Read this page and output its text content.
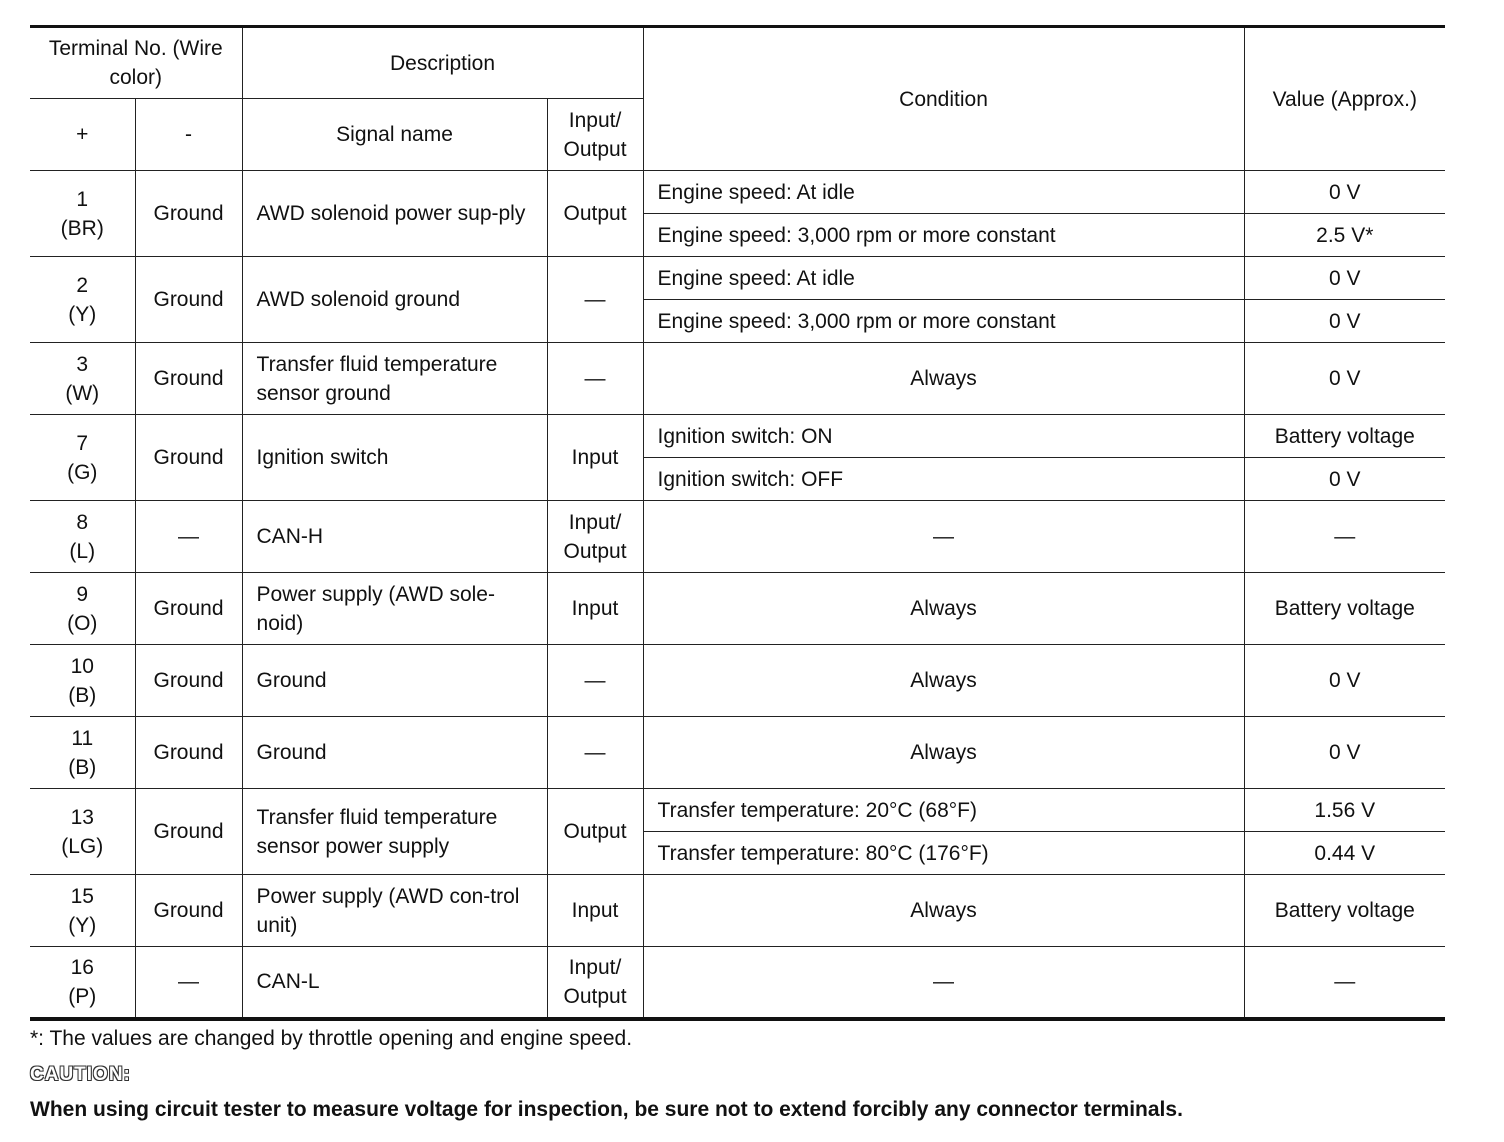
Terminal No. (Wire color)		Description		Condition	Value (Approx.)
+	-	Signal name	Input/ Output		

1
(BR)	Ground	AWD solenoid power sup-ply	Output	Engine speed: At idle	0 V
				Engine speed: 3,000 rpm or more constant	2.5 V*

2
(Y)	Ground	AWD solenoid ground	—	Engine speed: At idle	0 V
				Engine speed: 3,000 rpm or more constant	0 V

3
(W)	Ground	Transfer fluid temperature sensor ground	—	Always	0 V

7
(G)	Ground	Ignition switch	Input	Ignition switch: ON	Battery voltage
				Ignition switch: OFF	0 V

8
(L)	—	CAN-H	Input/ Output	—	—

9
(O)	Ground	Power supply (AWD sole-noid)	Input	Always	Battery voltage

10
(B)	Ground	Ground	—	Always	0 V

11
(B)	Ground	Ground	—	Always	0 V

13
(LG)	Ground	Transfer fluid temperature sensor power supply	Output	Transfer temperature: 20°C (68°F)	1.56 V
				Transfer temperature: 80°C (176°F)	0.44 V

15
(Y)	Ground	Power supply (AWD con-trol unit)	Input	Always	Battery voltage

16
(P)	—	CAN-L	Input/ Output	—	—
*: The values are changed by throttle opening and engine speed.
CAUTION:
When using circuit tester to measure voltage for inspection, be sure not to extend forcibly any connector terminals.
